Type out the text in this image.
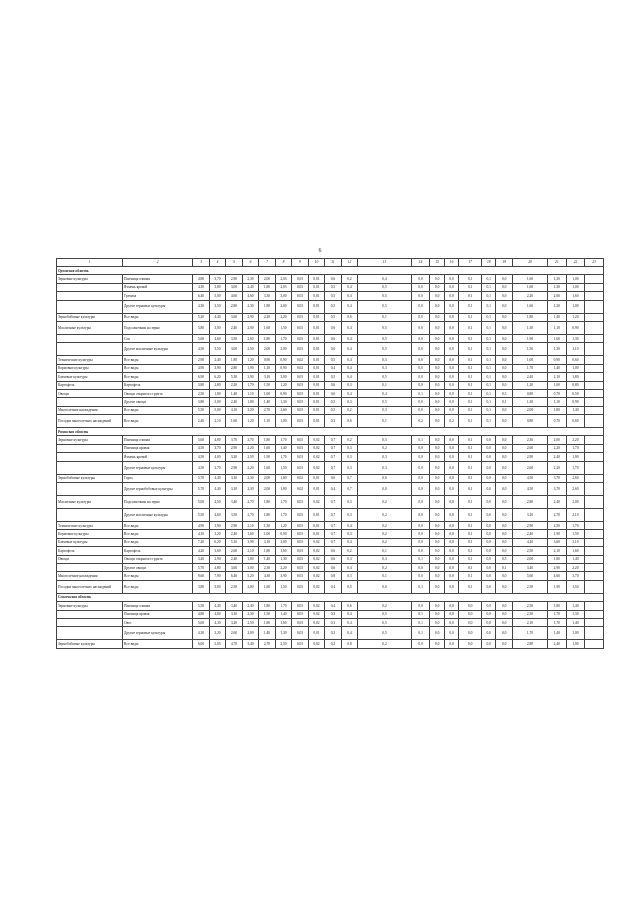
6
1	2	3	4	5	6	7	8	9	10	11	12	13	14	15	16	17	18	19	20	21	22	23
Орловская область																						
Зерновые культуры	Пшеница озимая	4,80	3,70	2,90	2,30	2,00	2,03	0,03	0,01	0,6	0,2	0,4	0,0	0,0	0,0	0,1	0,1	0,0	1,60	1,30	1,00	
	Ячмень яровой	4,30	3,80	3,00	2,40	1,80	2,03	0,03	0,01	0,5	0,4	0,5	0,0	0,0	0,0	0,1	0,1	0,0	1,60	1,30	1,00	
	Гречиха	6,40	5,00	4,60	4,60	3,30	3,00	0,03	0,01	0,5	0,4	0,5	0,0	0,0	0,0	0,1	0,1	0,0	2,20	2,00	1,60	
	Другие зерновые культуры	4,30	3,50	2,80	2,30	1,80	2,00	0,03	0,01	0,5	0,4	0,5	0,0	0,0	0,0	0,1	0,1	0,0	1,60	1,20	1,00	
Зернобобовые культуры	Все виды	5,20	4,40	3,60	2,90	2,20	2,20	0,03	0,01	0,5	0,6	0,1	0,0	0,0	0,0	0,1	0,1	0,0	1,80	1,40	1,20	
Масличные культуры	Подсолнечник на зерно	3,80	3,00	2,40	2,00	1,60	1,50	0,03	0,01	0,6	0,4	0,5	0,0	0,0	0,0	0,1	0,1	0,0	1,30	1,10	0,90	
	Соя	5,60	4,60	3,50	2,60	1,80	1,70	0,03	0,01	0,6	0,4	0,5	0,0	0,0	0,0	0,1	0,1	0,0	1,90	1,60	1,30	
	Другие масличные культуры	4,50	3,50	3,00	2,50	2,00	2,00	0,03	0,01	0,6	0,4	0,5	0,0	0,0	0,0	0,1	0,1	0,0	1,50	1,30	1,10	
Технические культуры	Все виды	2,90	2,40	1,80	1,20	0,90	0,90	0,02	0,01	0,5	0,4	0,3	0,0	0,0	0,0	0,1	0,1	0,0	1,00	0,90	0,60	
Кормовые культуры	Все виды	4,90	3,90	2,80	1,90	1,10	0,90	0,02	0,01	0,4	0,4	0,3	0,0	0,0	0,0	0,1	0,1	0,0	1,70	1,40	1,00	
Бахчевые культуры	Все виды	6,90	6,20	5,30	3,90	3,10	3,00	0,03	0,01	0,5	0,4	0,5	0,0	0,0	0,0	0,1	0,1	0,0	2,40	2,10	1,80	
Картофель	Картофель	3,80	2,80	2,20	1,70	1,50	1,20	0,03	0,01	0,6	0,3	0,1	0,0	0,0	0,0	0,1	0,1	0,0	1,20	1,00	0,80	
Овощи	Овощи открытого грунта	2,50	1,80	1,40	1,10	1,00	0,90	0,03	0,01	0,6	0,4	0,4	0,1	0,0	0,0	0,1	0,1	0,3	0,80	0,70	0,50	
	Другие овощи	3,80	3,00	2,40	1,80	1,40	1,30	0,03	0,01	0,5	0,3	0,5	0,0	0,0	0,0	0,1	0,1	0,1	1,30	1,10	0,90	
Многолетние насаждения	Все виды	5,50	5,00	4,10	3,20	2,70	2,60	0,03	0,01	0,5	0,2	0,3	0,0	0,0	0,0	0,1	0,1	0,0	2,00	1,80	1,40	
Посадки многолетних насаждений	Все виды	2,40	2,10	1,60	1,20	1,10	1,00	0,03	0,01	0,3	0,6	0,1	0,2	0,0	0,2	0,1	0,1	0,0	0,80	0,70	0,60	
Рязанская область																						
Зерновые культуры	Пшеница озимая	5,60	4,80	3,70	2,70	1,80	1,70	0,03	0,02	0,7	0,2	0,3	0,1	0,0	0,0	0,1	0,0	0,0	2,30	2,00	2,20	
	Пшеница яровая	4,50	3,70	2,90	2,20	1,60	1,40	0,03	0,02	0,7	0,3	0,2	0,0	0,0	0,0	0,1	0,0	0,0	2,60	2,20	1,70	
	Ячмень яровой	4,50	4,00	3,20	2,50	1,90	1,70	0,03	0,02	0,7	0,3	0,3	0,0	0,0	0,0	0,1	0,0	0,0	2,90	2,40	1,90	
	Другие зерновые культуры	4,50	3,70	2,90	2,20	1,60	1,50	0,03	0,02	0,7	0,3	0,3	0,0	0,0	0,0	0,1	0,0	0,0	2,60	2,20	1,70	
Зернобобовые культуры	Горох	5,70	4,40	3,10	2,30	2,00	1,80	0,02	0,01	0,6	0,7	0,0	0,0	0,0	0,0	0,1	0,0	0,0	4,50	3,70	2,60	
	Другие зернобобовые культуры	5,70	4,40	3,10	2,30	2,00	1,80	0,02	0,01	0,4	0,7	0,0	0,0	0,0	0,0	0,1	0,0	0,0	4,50	3,70	2,60	
Масличные культуры	Подсолнечник на зерно	5,00	4,50	3,40	2,70	1,80	1,70	0,03	0,02	0,7	0,3	0,2	0,0	0,0	0,0	0,1	0,0	0,0	2,80	2,40	2,00	
	Другие масличные культуры	5,50	4,60	3,50	2,70	1,80	1,70	0,03	0,01	0,7	0,3	0,2	0,0	0,0	0,0	0,1	0,0	0,0	3,20	2,70	2,10	
Технические культуры	Все виды	4,90	3,90	2,90	2,10	1,30	1,20	0,03	0,01	0,7	0,4	0,2	0,0	0,0	0,0	0,1	0,0	0,0	2,90	2,50	1,70	
Кормовые культуры	Все виды	4,10	3,20	2,40	1,60	1,00	0,90	0,03	0,01	0,7	0,3	0,2	0,0	0,0	0,0	0,1	0,0	0,0	2,40	1,90	1,50	
Бахчевые культуры	Все виды	7,20	6,20	5,10	3,90	3,10	3,00	0,03	0,02	0,7	0,4	0,2	0,0	0,0	0,0	0,1	0,0	0,0	4,20	3,60	3,10	
Картофель	Картофель	4,20	3,60	2,60	2,10	1,80	1,60	0,03	0,02	0,6	0,2	0,1	0,0	0,0	0,0	0,1	0,0	0,0	2,50	2,10	1,60	
Овощи	Овощи открытого грунта	3,40	2,90	2,40	1,80	1,40	1,30	0,03	0,02	0,6	0,3	0,3	0,1	0,0	0,0	0,1	0,0	0,5	2,00	1,80	1,40	
	Другие овощи	5,70	4,80	3,60	3,00	2,30	2,20	0,03	0,02	0,6	0,4	0,2	0,0	0,0	0,0	0,1	0,0	0,1	3,40	2,90	2,20	
Многолетние насаждения	Все виды	9,60	7,90	6,40	5,20	4,30	3,90	0,03	0,02	0,8	0,3	0,1	0,0	0,0	0,0	0,1	0,0	0,0	5,60	4,60	3,70	
Посадки многолетних насаждений	Все виды	3,80	3,00	2,50	2,00	1,60	1,50	0,03	0,02	0,4	0,5	0,0	0,1	0,0	0,0	0,1	0,0	0,0	2,30	1,90	1,50	
Смоленская область																						
Зерновые культуры	Пшеница озимая	5,50	4,40	3,40	2,40	1,80	1,70	0,03	0,02	0,4	0,6	0,2	0,0	0,0	0,0	0,0	0,0	0,0	2,50	1,80	1,40	
	Пшеница яровая	4,80	4,00	3,10	2,30	1,50	1,40	0,03	0,02	0,3	0,4	0,5	0,1	0,0	0,0	0,0	0,0	0,0	2,30	1,70	1,30	
	Овес	5,00	4,30	3,20	2,50	1,80	1,60	0,03	0,02	0,3	0,4	0,5	0,1	0,0	0,0	0,0	0,0	0,0	2,10	1,70	1,40	
	Другие зерновые культуры	4,30	3,20	2,60	2,00	1,40	1,30	0,03	0,01	0,3	0,4	0,5	0,1	0,0	0,0	0,0	0,0	0,0	1,70	1,40	1,00	
Зернобобовые культуры	Все виды	6,00	5,05	4,70	3,40	2,70	2,50	0,03	0,02	0,2	0,8	0,2	0,0	0,0	0,0	0,0	0,0	0,0	2,80	2,40	1,90	
